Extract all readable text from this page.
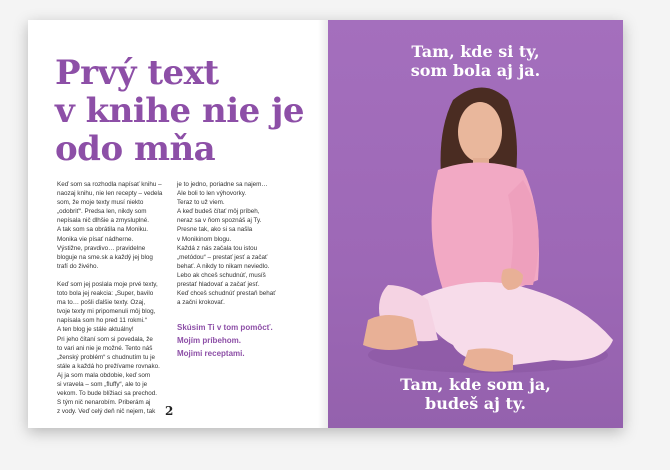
Prvý text
v knihe nie je
odo mňa

Keď som sa rozhodla napísať knihu –
naozaj knihu, nie len recepty – vedela
som, že moje texty musí niekto
„odobriť“. Predsa len, nikdy som
nepísala nič dlhšie a zmysluplné.
A tak som sa obrátila na Moniku.
Monika vie písať nádherne.
Výstižne, pravdivo… pravidelne
bloguje na sme.sk a každý jej blog
trafí do živého.

Keď som jej poslala moje prvé texty,
toto bola jej reakcia: „Super, bavilo
ma to… pošli ďalšie texty. Ozaj,
tvoje texty mi pripomenuli môj blog,
napísala som ho pred 11 rokmi.“
A ten blog je stále aktuálny!
Pri jeho čítaní som si povedala, že
to vari ani nie je možné. Tento náš
„ženský problém“ s chudnutím tu je
stále a každá ho prežívame rovnako.
Aj ja som mala obdobie, keď som
si vravela – som „fluffy“, ale to je
vekom. To bude blížiaci sa prechod.
S tým nič nenarobím. Priberám aj
z vody. Veď celý deň nič nejem, tak

je to jedno, poriadne sa najem…
Ale boli to len výhovorky.
Teraz to už viem.
A keď budeš čítať môj príbeh,
neraz sa v ňom spoznáš aj Ty.
Presne tak, ako si sa našla
v Monikinom blogu.
Každá z nás začala tou istou
„metódou“ – prestať jesť a začať
behať. A nikdy to nikam neviedlo.
Lebo ak chceš schudnúť, musíš
prestať hladovať a začať jesť.
Keď chceš schudnúť prestaň behať
a začni krokovať.

Skúsim Ti v tom pomôcť.
Mojím príbehom.
Mojimi receptami.
2
Tam, kde si ty,
som bola aj ja.
Tam, kde som ja,
budeš aj ty.
